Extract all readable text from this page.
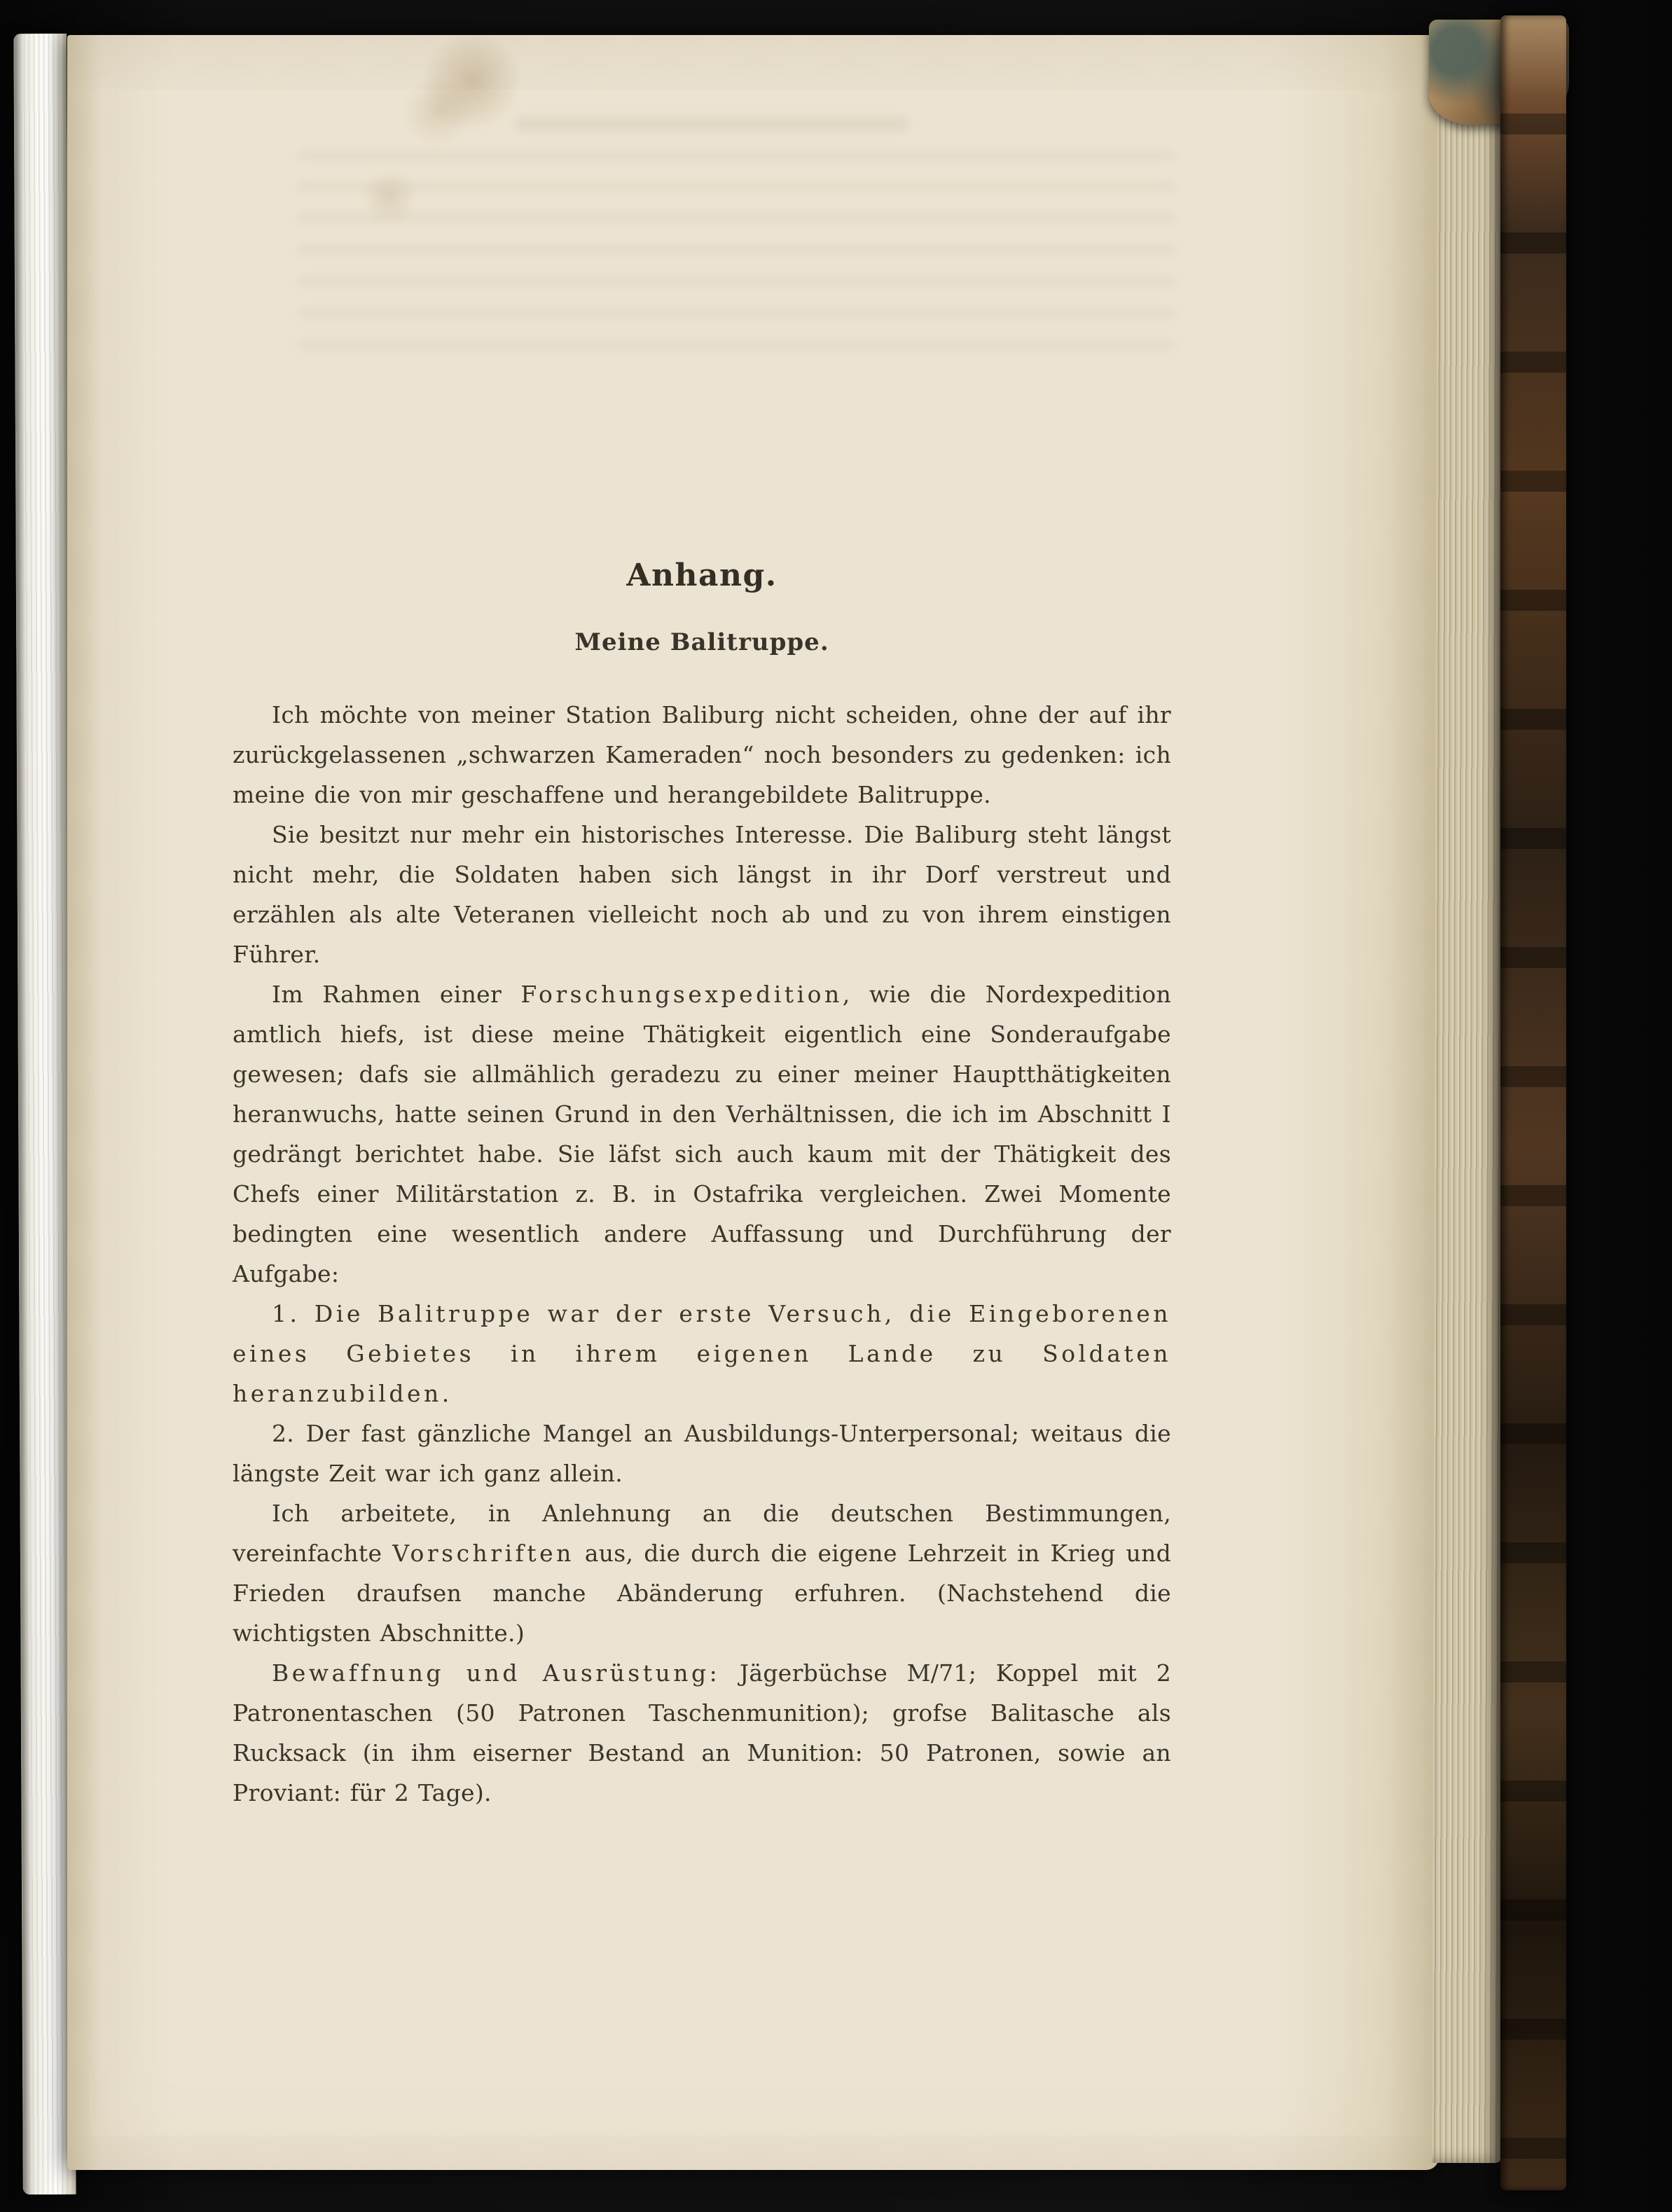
Anhang.
Meine Balitruppe.

Ich möchte von meiner Station Baliburg nicht scheiden, ohne der auf ihr zurückgelassenen „schwarzen Kameraden“ noch besonders zu gedenken: ich meine die von mir geschaffene und herangebildete Balitruppe.

Sie besitzt nur mehr ein historisches Interesse. Die Baliburg steht längst nicht mehr, die Soldaten haben sich längst in ihr Dorf verstreut und erzählen als alte Veteranen vielleicht noch ab und zu von ihrem einstigen Führer.

Im Rahmen einer Forschungsexpedition, wie die Nordexpedition amtlich hiefs, ist diese meine Thätigkeit eigentlich eine Sonderaufgabe gewesen; dafs sie allmählich geradezu zu einer meiner Hauptthätigkeiten heranwuchs, hatte seinen Grund in den Verhältnissen, die ich im Abschnitt I gedrängt berichtet habe. Sie läfst sich auch kaum mit der Thätigkeit des Chefs einer Militärstation z. B. in Ostafrika vergleichen. Zwei Momente bedingten eine wesentlich andere Auffassung und Durchführung der Aufgabe:

1. Die Balitruppe war der erste Versuch, die Eingeborenen eines Gebietes in ihrem eigenen Lande zu Soldaten heranzubilden.

2. Der fast gänzliche Mangel an Ausbildungs-Unterpersonal; weitaus die längste Zeit war ich ganz allein.

Ich arbeitete, in Anlehnung an die deutschen Bestimmungen, vereinfachte Vorschriften aus, die durch die eigene Lehrzeit in Krieg und Frieden draufsen manche Abänderung erfuhren. (Nachstehend die wichtigsten Abschnitte.)

Bewaffnung und Ausrüstung: Jägerbüchse M/71; Koppel mit 2 Patronentaschen (50 Patronen Taschenmunition); grofse Balitasche als Rucksack (in ihm eiserner Bestand an Munition: 50 Patronen, sowie an Proviant: für 2 Tage).
